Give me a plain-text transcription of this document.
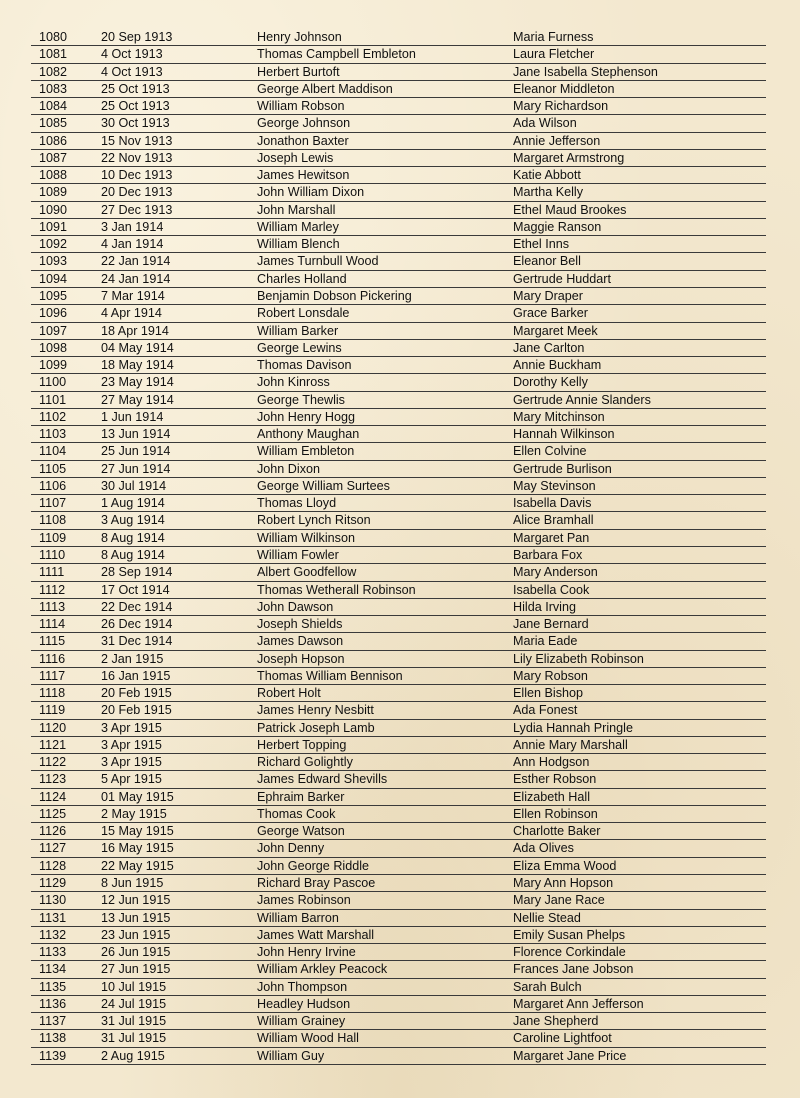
1080	20 Sep 1913	Henry Johnson	Maria Furness
1081	4 Oct 1913	Thomas Campbell Embleton	Laura Fletcher
1082	4 Oct 1913	Herbert Burtoft	Jane Isabella Stephenson
1083	25 Oct 1913	George Albert Maddison	Eleanor Middleton
1084	25 Oct 1913	William Robson	Mary Richardson
1085	30 Oct 1913	George Johnson	Ada Wilson
1086	15 Nov 1913	Jonathon Baxter	Annie Jefferson
1087	22 Nov 1913	Joseph Lewis	Margaret Armstrong
1088	10 Dec 1913	James Hewitson	Katie Abbott
1089	20 Dec 1913	John William Dixon	Martha Kelly
1090	27 Dec 1913	John Marshall	Ethel Maud Brookes
1091	3 Jan 1914	William Marley	Maggie Ranson
1092	4 Jan 1914	William Blench	Ethel Inns
1093	22 Jan 1914	James Turnbull Wood	Eleanor Bell
1094	24 Jan 1914	Charles Holland	Gertrude Huddart
1095	7 Mar 1914	Benjamin Dobson Pickering	Mary Draper
1096	4 Apr 1914	Robert Lonsdale	Grace Barker
1097	18 Apr 1914	William Barker	Margaret Meek
1098	04 May 1914	George Lewins	Jane Carlton
1099	18 May 1914	Thomas Davison	Annie Buckham
1100	23 May 1914	John Kinross	Dorothy Kelly
1101	27 May 1914	George Thewlis	Gertrude Annie Slanders
1102	1 Jun 1914	John Henry Hogg	Mary Mitchinson
1103	13 Jun 1914	Anthony Maughan	Hannah Wilkinson
1104	25 Jun 1914	William Embleton	Ellen Colvine
1105	27 Jun 1914	John Dixon	Gertrude Burlison
1106	30 Jul 1914	George William Surtees	May Stevinson
1107	1 Aug 1914	Thomas Lloyd	Isabella Davis
1108	3 Aug 1914	Robert Lynch Ritson	Alice Bramhall
1109	8 Aug 1914	William Wilkinson	Margaret Pan
1110	8 Aug 1914	William Fowler	Barbara Fox
1111	28 Sep 1914	Albert Goodfellow	Mary Anderson
1112	17 Oct 1914	Thomas Wetherall Robinson	Isabella Cook
1113	22 Dec 1914	John Dawson	Hilda Irving
1114	26 Dec 1914	Joseph Shields	Jane Bernard
1115	31 Dec 1914	James Dawson	Maria Eade
1116	2 Jan 1915	Joseph Hopson	Lily Elizabeth Robinson
1117	16 Jan 1915	Thomas William Bennison	Mary Robson
1118	20 Feb 1915	Robert Holt	Ellen Bishop
1119	20 Feb 1915	James Henry Nesbitt	Ada Fonest
1120	3 Apr 1915	Patrick Joseph Lamb	Lydia Hannah Pringle
1121	3 Apr 1915	Herbert Topping	Annie Mary Marshall
1122	3 Apr 1915	Richard Golightly	Ann Hodgson
1123	5 Apr 1915	James Edward Shevills	Esther Robson
1124	01 May 1915	Ephraim Barker	Elizabeth Hall
1125	2 May 1915	Thomas Cook	Ellen Robinson
1126	15 May 1915	George Watson	Charlotte Baker
1127	16 May 1915	John Denny	Ada Olives
1128	22 May 1915	John George Riddle	Eliza Emma Wood
1129	8 Jun 1915	Richard Bray Pascoe	Mary Ann Hopson
1130	12 Jun 1915	James Robinson	Mary Jane Race
1131	13 Jun 1915	William Barron	Nellie Stead
1132	23 Jun 1915	James Watt Marshall	Emily Susan Phelps
1133	26 Jun 1915	John Henry Irvine	Florence Corkindale
1134	27 Jun 1915	William Arkley Peacock	Frances Jane Jobson
1135	10 Jul 1915	John Thompson	Sarah Bulch
1136	24 Jul 1915	Headley Hudson	Margaret Ann Jefferson
1137	31 Jul 1915	William Grainey	Jane Shepherd
1138	31 Jul 1915	William Wood Hall	Caroline Lightfoot
1139	2 Aug 1915	William Guy	Margaret Jane Price
